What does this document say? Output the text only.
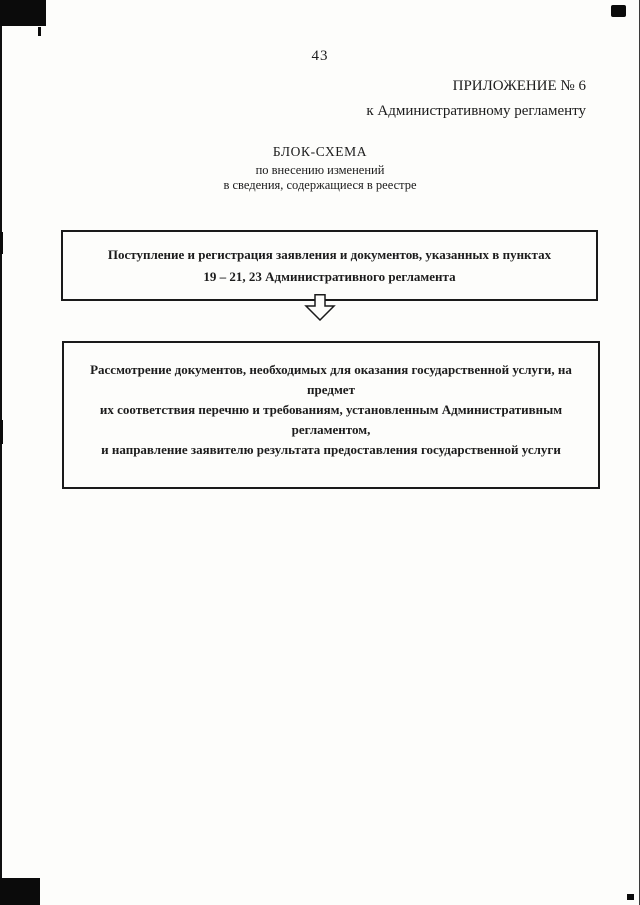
43
ПРИЛОЖЕНИЕ № 6
к Административному регламенту
БЛОК-СХЕМА
по внесению изменений
в сведения, содержащиеся в реестре
Поступление и регистрация заявления и документов, указанных в пунктах
19 – 21, 23 Административного регламента
Рассмотрение документов, необходимых для оказания государственной услуги, на предмет
их соответствия перечню и требованиям, установленным Административным регламентом,
и направление заявителю результата предоставления государственной услуги
